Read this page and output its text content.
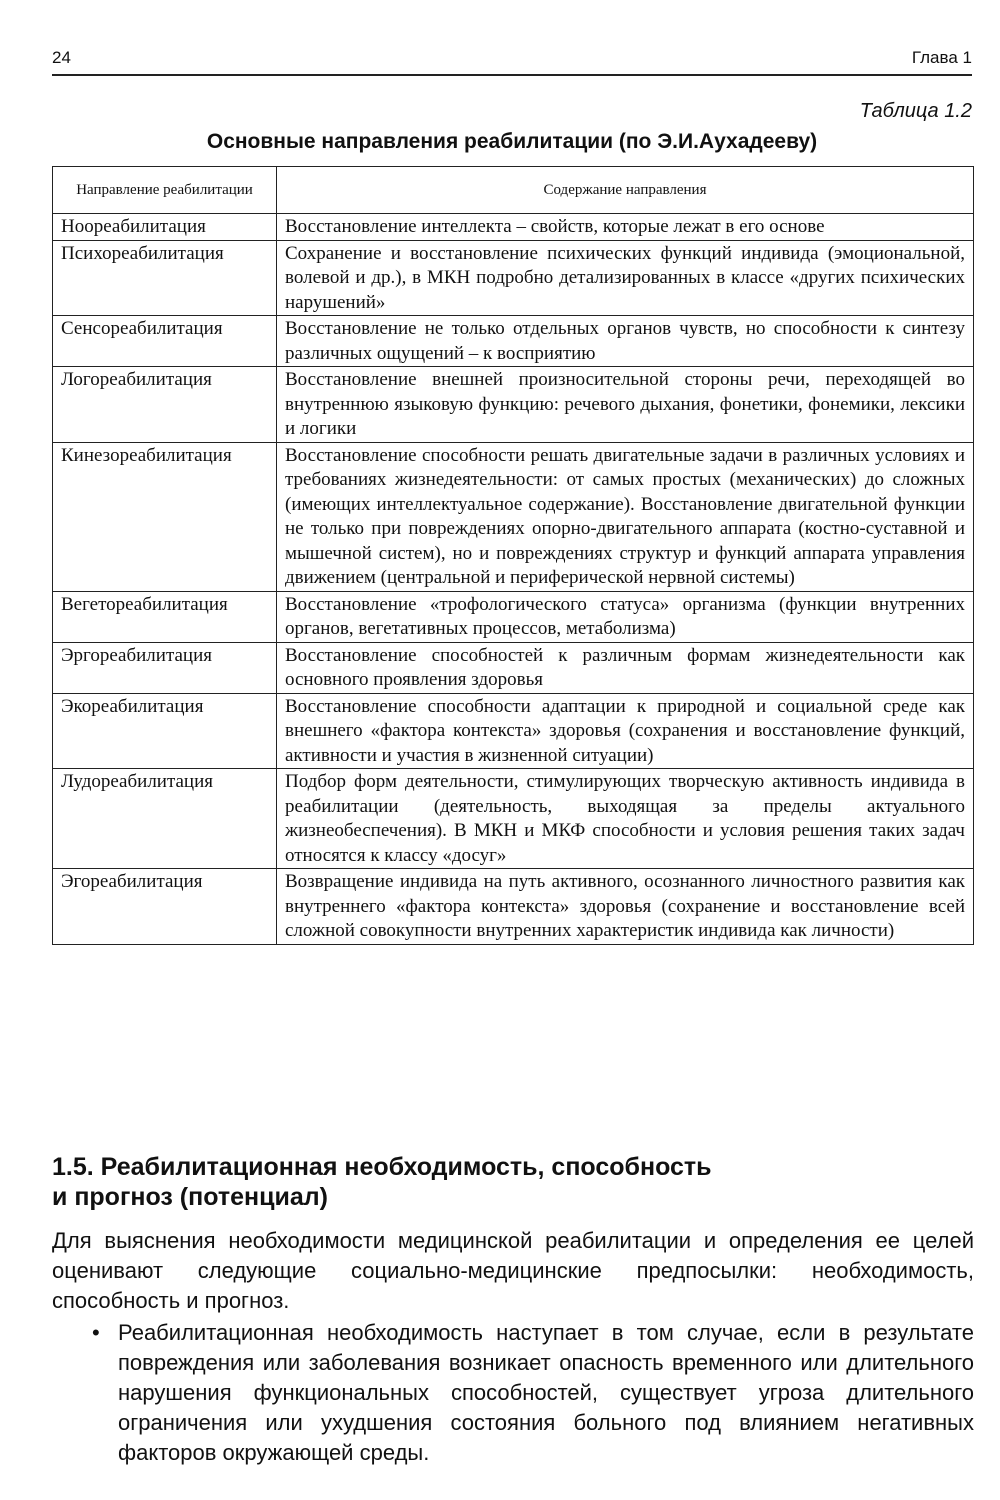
24	Глава 1
Таблица 1.2
Основные направления реабилитации (по Э.И.Аухадееву)
Направление реабилитации	Содержание направления
Ноореабилитация	Восстановление интеллекта – свойств, которые лежат в его основе
Психореабилитация	Сохранение и восстановление психических функций индивида (эмоциональной, волевой и др.), в МКН подробно детализированных в классе «других психических нарушений»
Сенсореабилитация	Восстановление не только отдельных органов чувств, но способности к синтезу различных ощущений – к восприятию
Логореабилитация	Восстановление внешней произносительной стороны речи, переходящей во внутреннюю языковую функцию: речевого дыхания, фонетики, фонемики, лексики и логики
Кинезореабилитация	Восстановление способности решать двигательные задачи в различных условиях и требованиях жизнедеятельности: от самых простых (механических) до сложных (имеющих интеллектуальное содержание). Восстановление двигательной функции не только при повреждениях опорно-двигательного аппарата (костно-суставной и мышечной систем), но и повреждениях структур и функций аппарата управления движением (центральной и периферической нервной системы)
Вегетореабилитация	Восстановление «трофологического статуса» организма (функции внутренних органов, вегетативных процессов, метаболизма)
Эргореабилитация	Восстановление способностей к различным формам жизнедеятельности как основного проявления здоровья
Экореабилитация	Восстановление способности адаптации к природной и социальной среде как внешнего «фактора контекста» здоровья (сохранения и восстановление функций, активности и участия в жизненной ситуации)
Лудореабилитация	Подбор форм деятельности, стимулирующих творческую активность индивида в реабилитации (деятельность, выходящая за пределы актуального жизнеобеспечения). В МКН и МКФ способности и условия решения таких задач относятся к классу «досуг»
Эгореабилитация	Возвращение индивида на путь активного, осознанного личностного развития как внутреннего «фактора контекста» здоровья (сохранение и восстановление всей сложной совокупности внутренних характеристик индивида как личности)
1.5. Реабилитационная необходимость, способность
и прогноз (потенциал)

Для выяснения необходимости медицинской реабилитации и определения ее целей оценивают следующие социально-медицинские предпосылки: необходимость, способность и прогноз.

• Реабилитационная необходимость наступает в том случае, если в результате повреждения или заболевания возникает опасность временного или длительного нарушения функциональных способностей, существует угроза длительного ограничения или ухудшения состояния больного под влиянием негативных факторов окружающей среды.
